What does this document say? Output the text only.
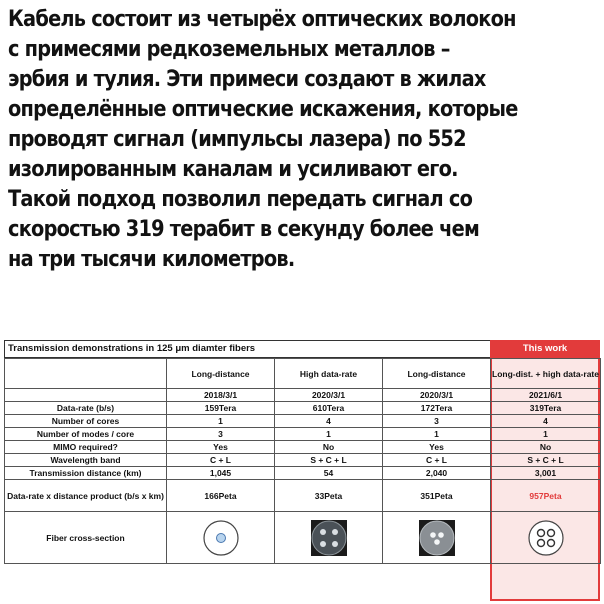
Кабель состоит из четырёх оптических волокон
с примесями редкоземельных металлов –
эрбия и тулия. Эти примеси создают в жилах
определённые оптические искажения, которые
проводят сигнал (импульсы лазера) по 552
изолированным каналам и усиливают его.
Такой подход позволил передать сигнал со
скоростью 319 терабит в секунду более чем
на три тысячи километров.
Transmission demonstrations in 125 μm diamter fibers	This work
	Long-distance	High data-rate	Long-distance	Long-dist. + high data-rate
	2018/3/1	2020/3/1	2020/3/1	2021/6/1
Data-rate (b/s)	159Tera	610Tera	172Tera	319Tera
Number of cores	1	4	3	4
Number of modes / core	3	1	1	1
MIMO required?	Yes	No	Yes	No
Wavelength band	C + L	S + C + L	C + L	S + C + L
Transmission distance (km)	1,045	54	2,040	3,001
Data-rate x distance product (b/s x km)	166Peta	33Peta	351Peta	957Peta
Fiber cross-section				
